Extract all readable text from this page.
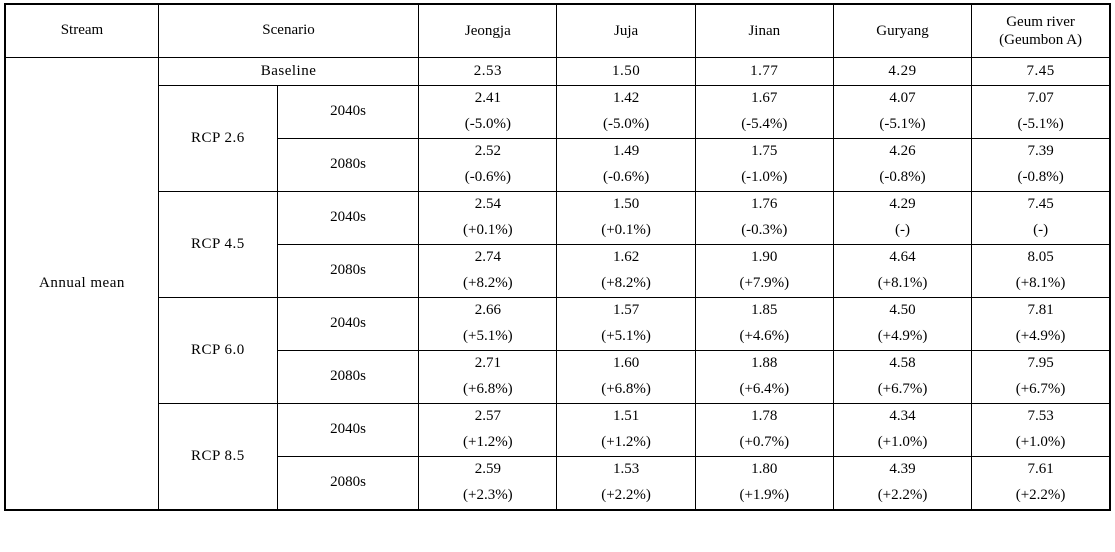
Stream	Scenario		Jeongja	Juja	Jinan	Guryang	Geum river
(Geumbon A)

Annual mean	Baseline		2.53	1.50	1.77	4.29	7.45
	RCP 2.6	2040s	2.41	1.42	1.67	4.07	7.07
			(-5.0%)	(-5.0%)	(-5.4%)	(-5.1%)	(-5.1%)
		2080s	2.52	1.49	1.75	4.26	7.39
			(-0.6%)	(-0.6%)	(-1.0%)	(-0.8%)	(-0.8%)
	RCP 4.5	2040s	2.54	1.50	1.76	4.29	7.45
			(+0.1%)	(+0.1%)	(-0.3%)	(-)	(-)
		2080s	2.74	1.62	1.90	4.64	8.05
			(+8.2%)	(+8.2%)	(+7.9%)	(+8.1%)	(+8.1%)
	RCP 6.0	2040s	2.66	1.57	1.85	4.50	7.81
			(+5.1%)	(+5.1%)	(+4.6%)	(+4.9%)	(+4.9%)
		2080s	2.71	1.60	1.88	4.58	7.95
			(+6.8%)	(+6.8%)	(+6.4%)	(+6.7%)	(+6.7%)
	RCP 8.5	2040s	2.57	1.51	1.78	4.34	7.53
			(+1.2%)	(+1.2%)	(+0.7%)	(+1.0%)	(+1.0%)
		2080s	2.59	1.53	1.80	4.39	7.61
			(+2.3%)	(+2.2%)	(+1.9%)	(+2.2%)	(+2.2%)
